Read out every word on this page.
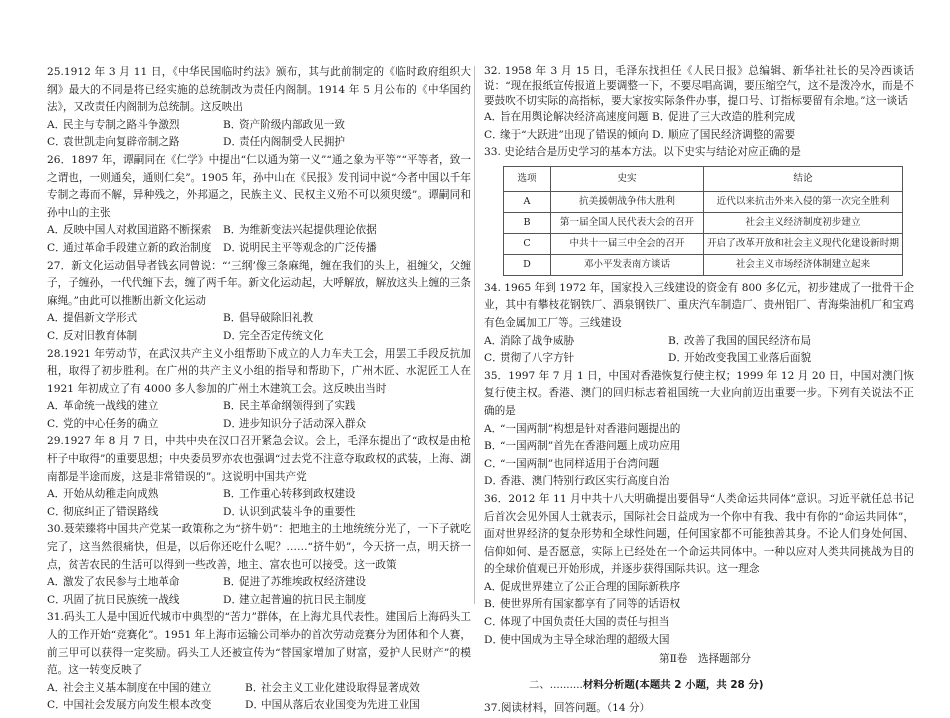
25.1912 年 3 月 11 日，《中华民国临时约法》颁布，其与此前制定的《临时政府组织大纲》最大的不同是将已经实施的总统制改为责任内阁制。1914 年 5 月公布的《中华国约法》，又改责任内阁制为总统制。这反映出

A．民主与专制之路斗争激烈	B．资产阶级内部政见一致
C．袁世凯走向复辟帝制之路	D．责任内阁制受人民拥护

26．1897 年，谭嗣同在《仁学》中提出“仁以通为第一义”“通之象为平等”“平等者，致一之谓也，一则通矣，通则仁矣”。1905 年，孙中山在《民报》发刊词中说“今者中国以千年专制之毒而不解，异种残之，外邦逼之，民族主义、民权主义殆不可以须臾缓”。谭嗣同和孙中山的主张

A．反映中国人对救国道路不断探索	B．为维新变法兴起提供理论依据
C．通过革命手段建立新的政治制度	D．说明民主平等观念的广泛传播

27．新文化运动倡导者钱玄同曾说：“‘三纲’像三条麻绳，缠在我们的头上，祖缠父，父缠子，子缠孙，一代代缠下去，缠了两千年。新文化运动起，大呼解放，解放这头上缠的三条麻绳。”由此可以推断出新文化运动

A．提倡新文学形式	B．倡导破除旧礼教
C．反对旧教育体制	D．完全否定传统文化

28.1921 年劳动节，在武汉共产主义小组帮助下成立的人力车夫工会，用罢工手段反抗加租，取得了初步胜利。在广州的共产主义小组的指导和帮助下，广州木匠、水泥匠工人在 1921 年初成立了有 4000 多人参加的广州土木建筑工会。这反映出当时

A．革命统一战线的建立	B．民主革命纲领得到了实践
C．党的中心任务的确立	D．进步知识分子活动深入群众

29.1927 年 8 月 7 日，中共中央在汉口召开紧急会议。会上，毛泽东提出了“政权是由枪杆子中取得”的重要思想；中央委员罗亦农也强调“过去党不注意夺取政权的武装，上海、湖南都是半途而废，这是非常错误的”。这说明中国共产党

A．开始从幼稚走向成熟	B．工作重心转移到政权建设
C．彻底纠正了错误路线	D．认识到武装斗争的重要性

30.聂荣臻将中国共产党某一政策称之为“挤牛奶”：把地主的土地统统分光了，一下子就吃完了，这当然很痛快，但是，以后你还吃什么呢？……“挤牛奶”，今天挤一点，明天挤一点，贫苦农民的生活可以得到一些改善，地主、富农也可以接受。这一政策

A．激发了农民参与土地革命	B．促进了苏维埃政权经济建设
C．巩固了抗日民族统一战线	D．建立起普遍的抗日民主制度

31.码头工人是中国近代城市中典型的“苦力”群体，在上海尤具代表性。建国后上海码头工人的工作开始“竞赛化”。1951 年上海市运输公司举办的首次劳动竞赛分为团体和个人赛，前三甲可以获得一定奖励。码头工人还被宣传为“替国家增加了财富，爱护人民财产”的模范。这一转变反映了

A．社会主义基本制度在中国的建立	B．社会主义工业化建设取得显著成效
C．中国社会发展方向发生根本改变	D．中国从落后农业国变为先进工业国

32. 1958 年 3 月 15 日，毛泽东找担任《人民日报》总编辑、新华社社长的吴冷西谈话说：“现在报纸宣传报道上要调整一下，不要尽唱高调，要压缩空气，这不是泼冷水，而是不要鼓吹不切实际的高指标，要大家按实际条件办事，提口号、订指标要留有余地。”这一谈话

A．旨在用舆论解决经济高速度问题 B．促进了三大改造的胜利完成
C．缘于“大跃进”出现了错误的倾向 D．顺应了国民经济调整的需要

33. 史论结合是历史学习的基本方法。以下史实与结论对应正确的是

选项	史实	结论
A	抗美援朝战争伟大胜利	近代以来抗击外来入侵的第一次完全胜利
B	第一届全国人民代表大会的召开	社会主义经济制度初步建立
C	中共十一届三中全会的召开	开启了改革开放和社会主义现代化建设新时期
D	邓小平发表南方谈话	社会主义市场经济体制建立起来

34. 1965 年到 1972 年，国家投入三线建设的资金有 800 多亿元，初步建成了一批骨干企业，其中有攀枝花钢铁厂、酒泉钢铁厂、重庆汽车制造厂、贵州铝厂、青海柴油机厂和宝鸡有色金属加工厂等。三线建设

A．消除了战争威胁	B．改善了我国的国民经济布局
C．贯彻了八字方针	D．开始改变我国工业落后面貌

35．1997 年 7 月 1 日，中国对香港恢复行使主权；1999 年 12 月 20 日，中国对澳门恢复行使主权。香港、澳门的回归标志着祖国统一大业向前迈出重要一步。下列有关说法不正确的是

A．“一国两制”构想是针对香港问题提出的
B．“一国两制”首先在香港问题上成功应用
C．“一国两制”也同样适用于台湾问题
D．香港、澳门特别行政区实行高度自治

36．2012 年 11 月中共十八大明确提出要倡导“人类命运共同体”意识。习近平就任总书记后首次会见外国人士就表示，国际社会日益成为一个你中有我、我中有你的“命运共同体”，面对世界经济的复杂形势和全球性问题，任何国家都不可能独善其身。不论人们身处何国、信仰如何、是否愿意，实际上已经处在一个命运共同体中。一种以应对人类共同挑战为目的的全球价值观已开始形成，并逐步获得国际共识。这一理念

A．促成世界建立了公正合理的国际新秩序
B．使世界所有国家都享有了同等的话语权
C．体现了中国负责任大国的责任与担当
D．使中国成为主导全球治理的超级大国
第Ⅱ卷　选择题部分
二、..........材料分析题(本题共 2 小题，共 28 分)
37.阅读材料，回答问题。（14 分）
